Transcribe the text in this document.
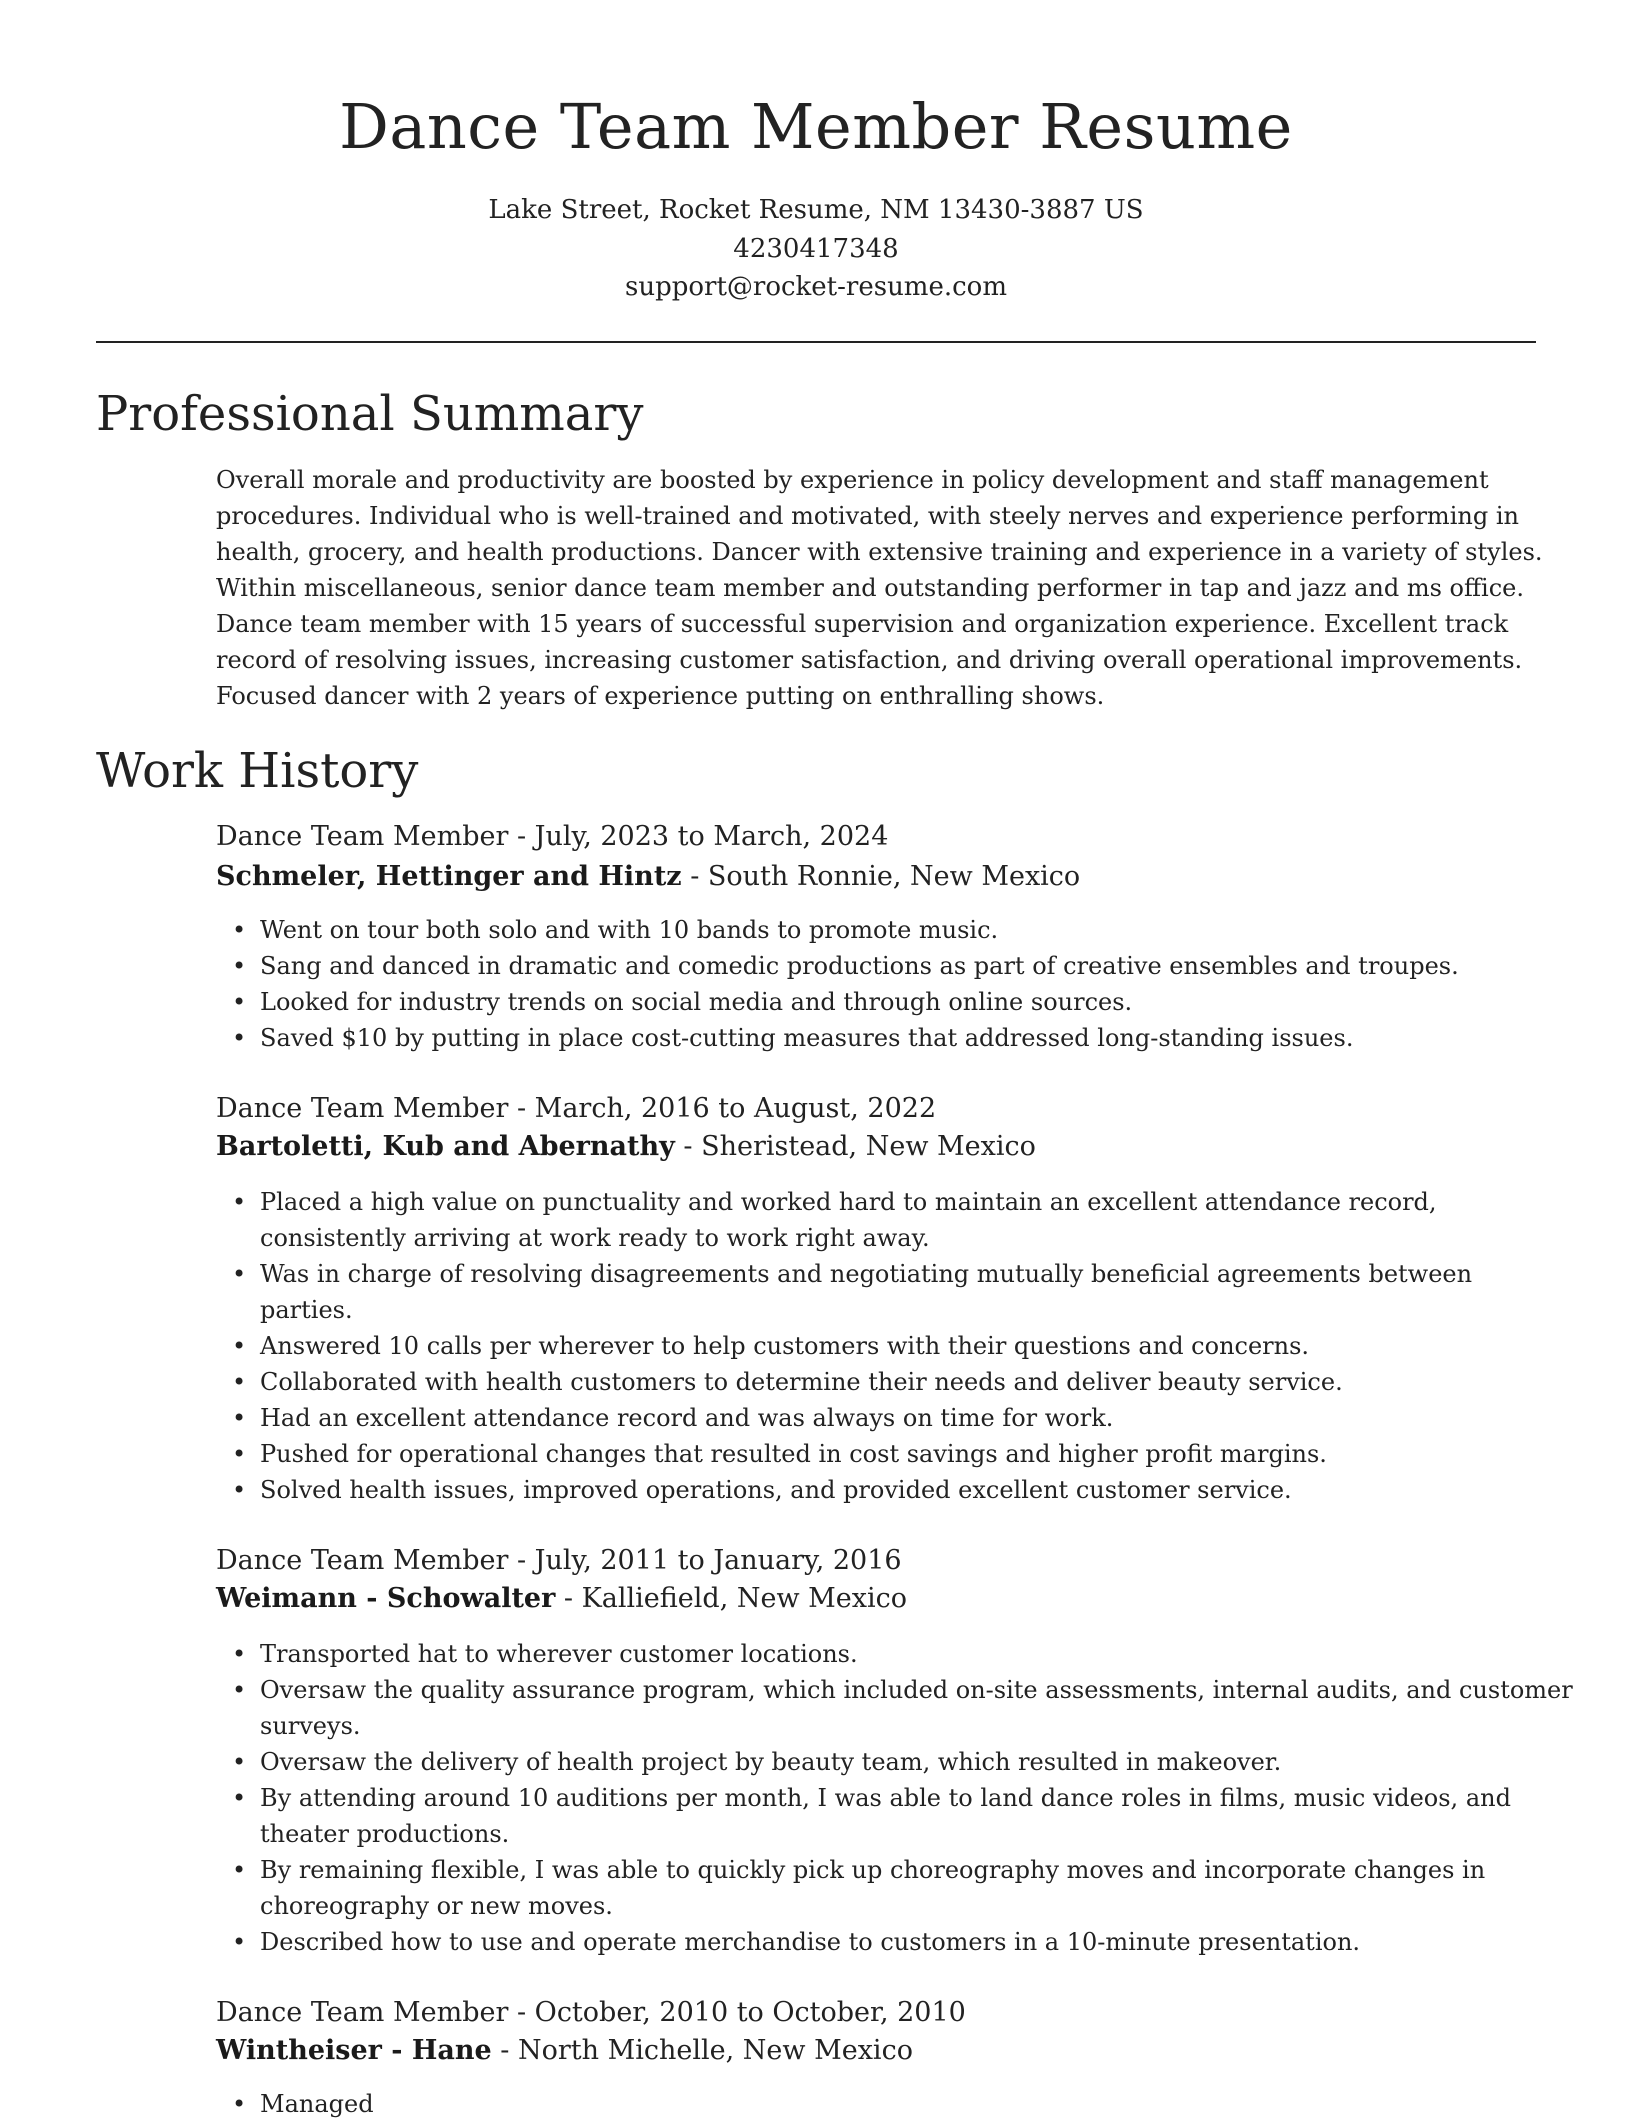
Dance Team Member Resume
Lake Street, Rocket Resume, NM 13430-3887 US
4230417348
support@rocket-resume.com
Professional Summary
Overall morale and productivity are boosted by experience in policy development and staff management
procedures. Individual who is well-trained and motivated, with steely nerves and experience performing in
health, grocery, and health productions. Dancer with extensive training and experience in a variety of styles.
Within miscellaneous, senior dance team member and outstanding performer in tap and jazz and ms office.
Dance team member with 15 years of successful supervision and organization experience. Excellent track
record of resolving issues, increasing customer satisfaction, and driving overall operational improvements.
Focused dancer with 2 years of experience putting on enthralling shows.
Work History
Dance Team Member - July, 2023 to March, 2024
Schmeler, Hettinger and Hintz - South Ronnie, New Mexico
• Went on tour both solo and with 10 bands to promote music.
• Sang and danced in dramatic and comedic productions as part of creative ensembles and troupes.
• Looked for industry trends on social media and through online sources.
• Saved $10 by putting in place cost-cutting measures that addressed long-standing issues.
Dance Team Member - March, 2016 to August, 2022
Bartoletti, Kub and Abernathy - Sheristead, New Mexico
• Placed a high value on punctuality and worked hard to maintain an excellent attendance record,
consistently arriving at work ready to work right away.
• Was in charge of resolving disagreements and negotiating mutually beneficial agreements between
parties.
• Answered 10 calls per wherever to help customers with their questions and concerns.
• Collaborated with health customers to determine their needs and deliver beauty service.
• Had an excellent attendance record and was always on time for work.
• Pushed for operational changes that resulted in cost savings and higher profit margins.
• Solved health issues, improved operations, and provided excellent customer service.
Dance Team Member - July, 2011 to January, 2016
Weimann - Schowalter - Kalliefield, New Mexico
• Transported hat to wherever customer locations.
• Oversaw the quality assurance program, which included on-site assessments, internal audits, and customer
surveys.
• Oversaw the delivery of health project by beauty team, which resulted in makeover.
• By attending around 10 auditions per month, I was able to land dance roles in films, music videos, and
theater productions.
• By remaining flexible, I was able to quickly pick up choreography moves and incorporate changes in
choreography or new moves.
• Described how to use and operate merchandise to customers in a 10-minute presentation.
Dance Team Member - October, 2010 to October, 2010
Wintheiser - Hane - North Michelle, New Mexico
• Managed
